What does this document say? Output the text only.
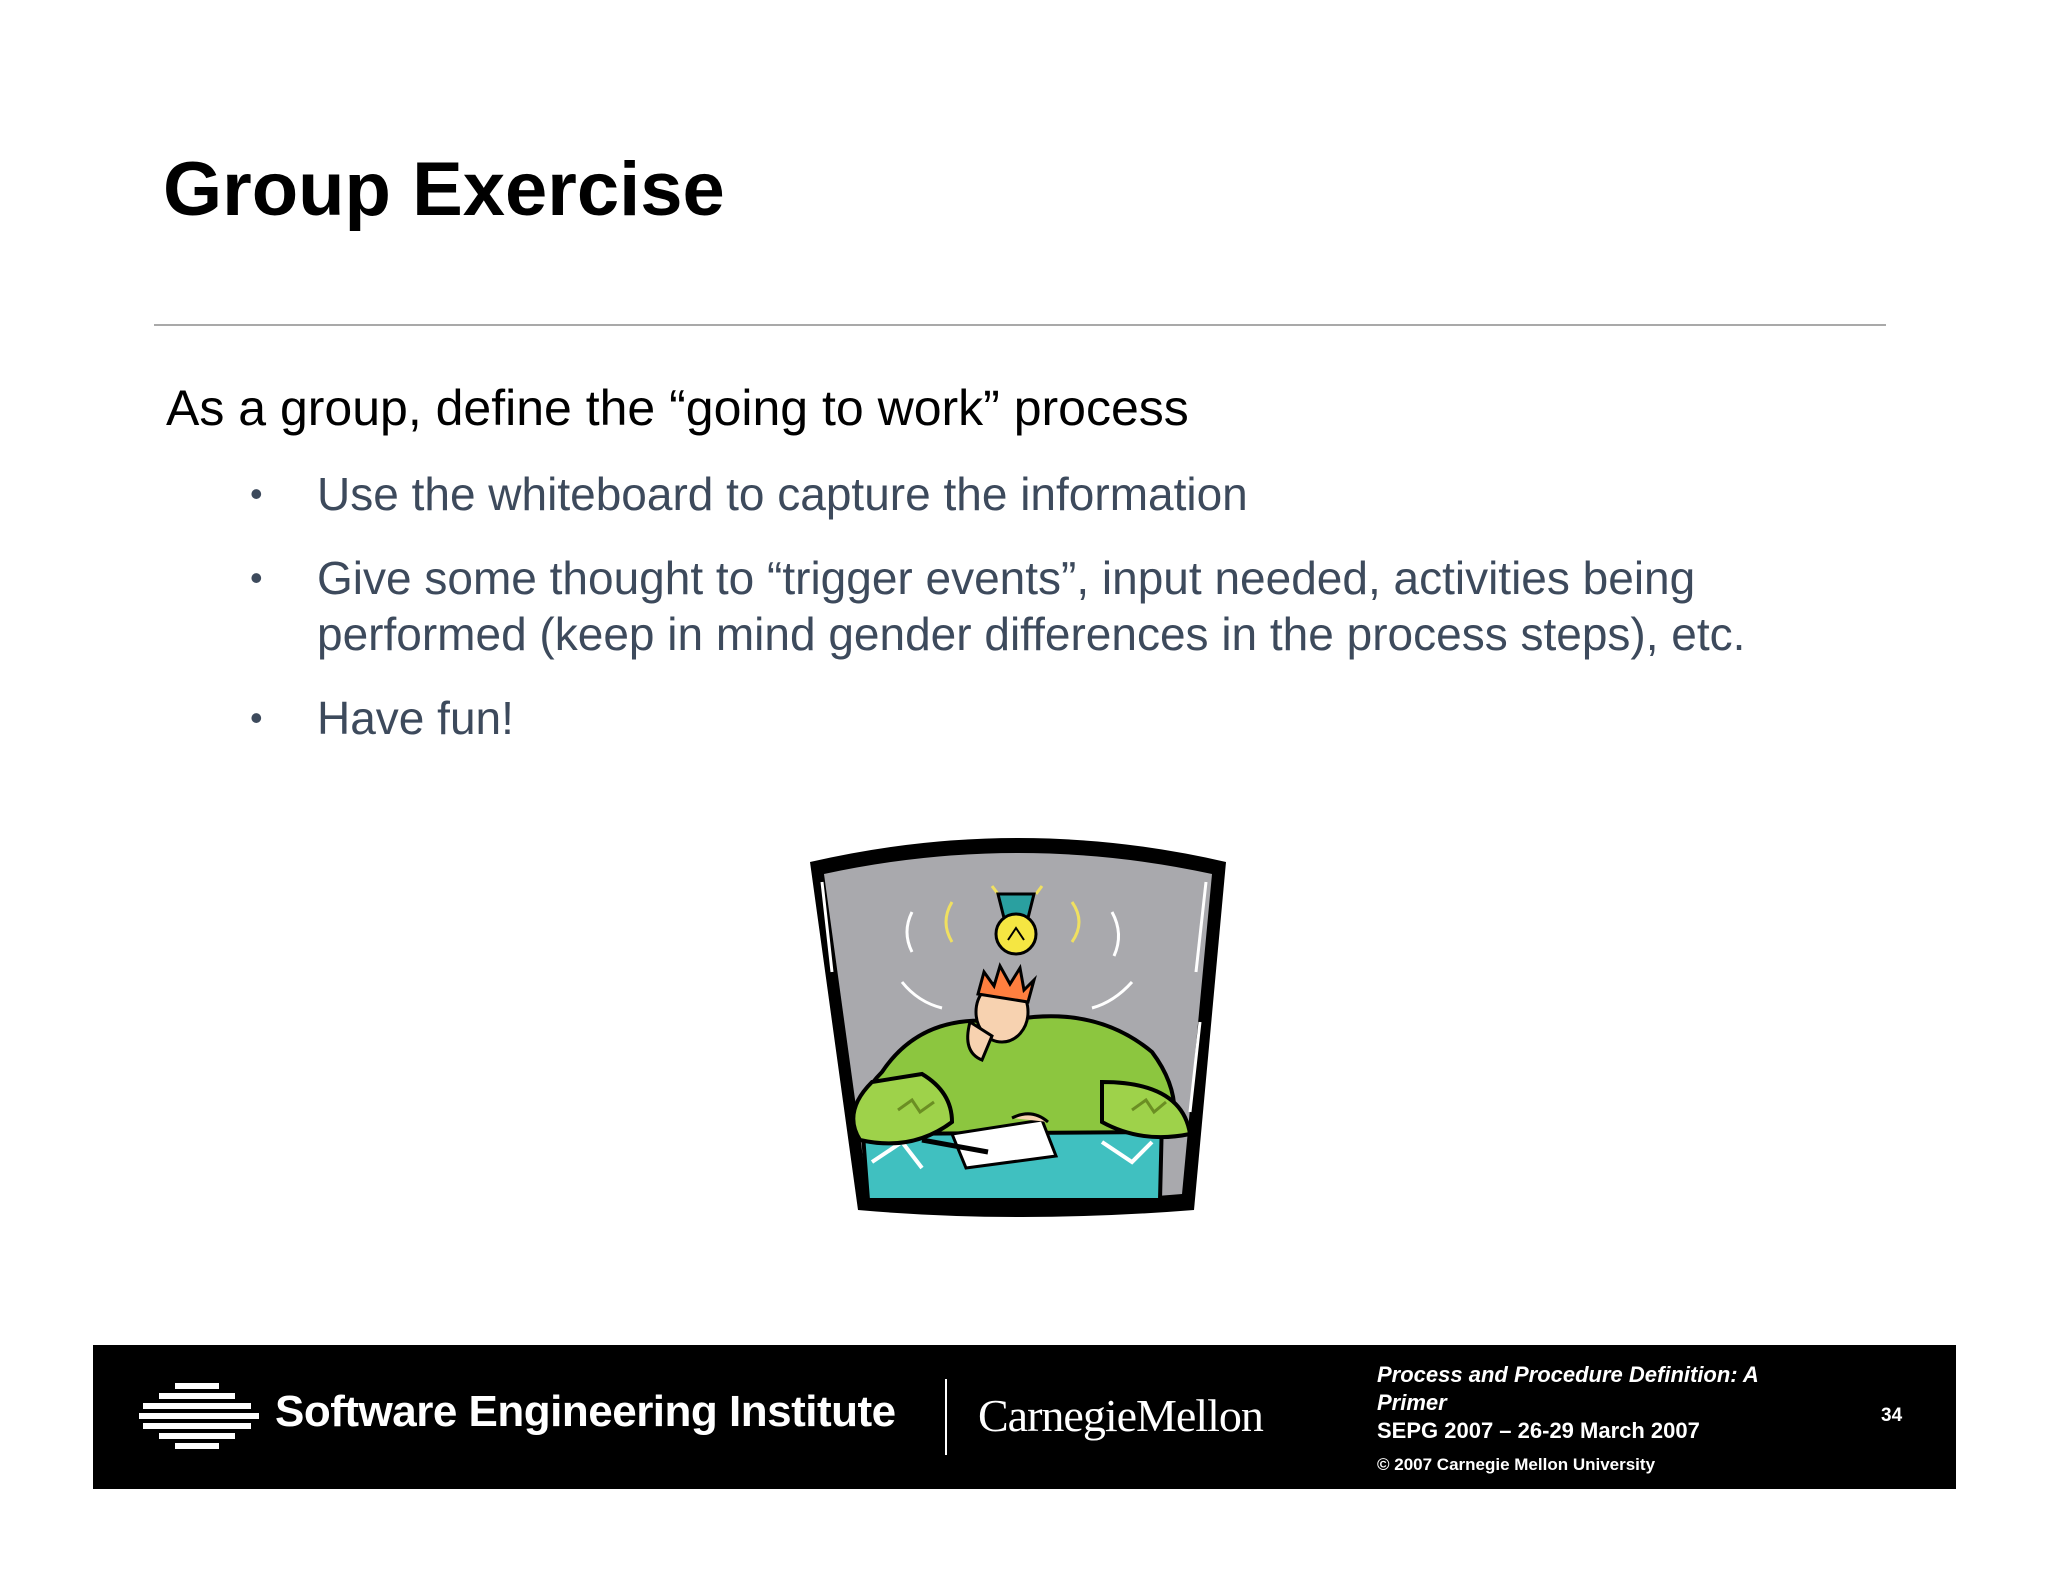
Group Exercise
As a group, define the “going to work” process
• Use the whiteboard to capture the information
• Give some thought to “trigger events”, input needed, activities being performed (keep in mind gender differences in the process steps), etc.
• Have fun!
Software Engineering Institute CarnegieMellon
Process and Procedure Definition: A Primer
SEPG 2007 – 26-29 March 2007
© 2007 Carnegie Mellon University
34
